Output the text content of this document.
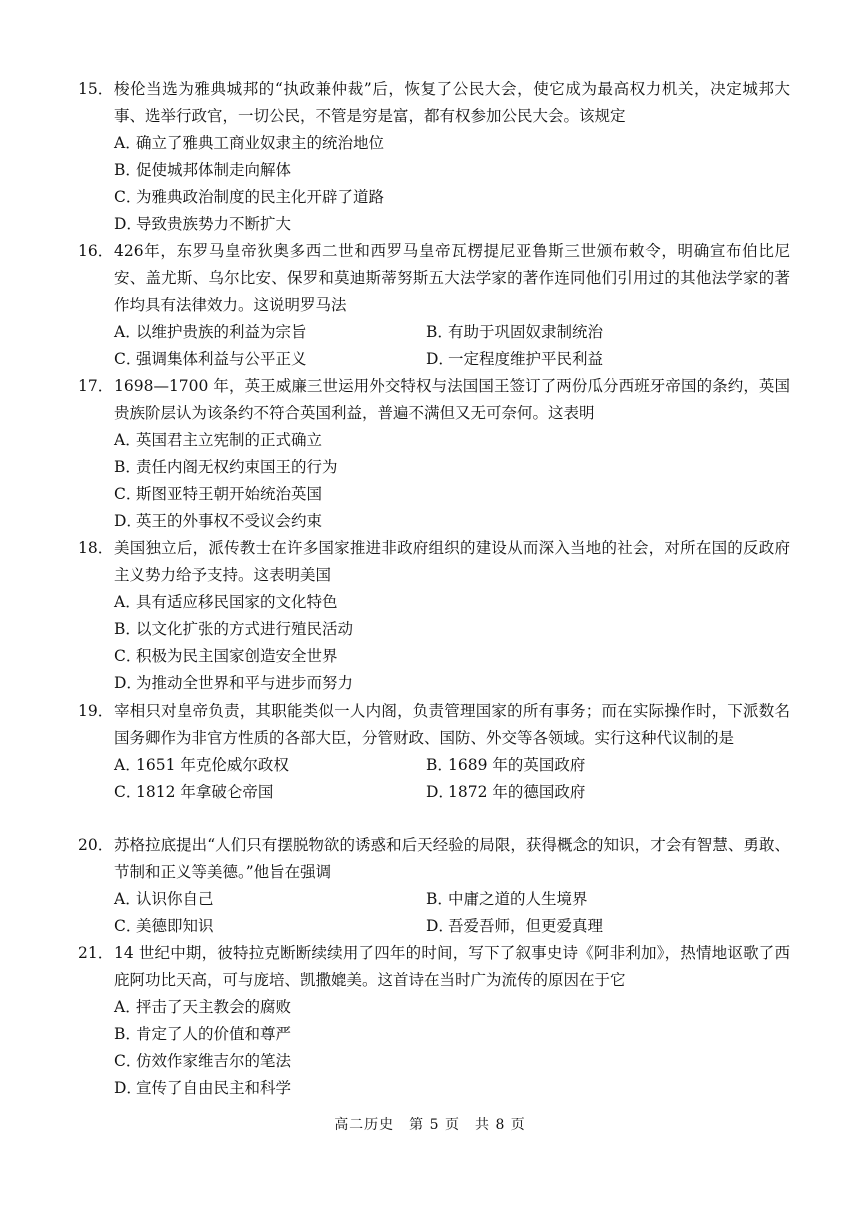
15． 梭伦当选为雅典城邦的“执政兼仲裁”后，恢复了公民大会，使它成为最高权力机关，决定城邦大事、选举行政官，一切公民，不管是穷是富，都有权参加公民大会。该规定
A．确立了雅典工商业奴隶主的统治地位
B．促使城邦体制走向解体
C．为雅典政治制度的民主化开辟了道路
D．导致贵族势力不断扩大
16． 426年，东罗马皇帝狄奥多西二世和西罗马皇帝瓦楞提尼亚鲁斯三世颁布敕令，明确宣布伯比尼安、盖尤斯、乌尔比安、保罗和莫迪斯蒂努斯五大法学家的著作连同他们引用过的其他法学家的著作均具有法律效力。这说明罗马法
A．以维护贵族的利益为宗旨	B．有助于巩固奴隶制统治
C．强调集体利益与公平正义	D．一定程度维护平民利益
17． 1698—1700 年，英王威廉三世运用外交特权与法国国王签订了两份瓜分西班牙帝国的条约，英国贵族阶层认为该条约不符合英国利益，普遍不满但又无可奈何。这表明
A．英国君主立宪制的正式确立
B．责任内阁无权约束国王的行为
C．斯图亚特王朝开始统治英国
D．英王的外事权不受议会约束
18． 美国独立后，派传教士在许多国家推进非政府组织的建设从而深入当地的社会，对所在国的反政府主义势力给予支持。这表明美国
A．具有适应移民国家的文化特色
B．以文化扩张的方式进行殖民活动
C．积极为民主国家创造安全世界
D．为推动全世界和平与进步而努力
19． 宰相只对皇帝负责，其职能类似一人内阁，负责管理国家的所有事务；而在实际操作时，下派数名国务卿作为非官方性质的各部大臣，分管财政、国防、外交等各领域。实行这种代议制的是
A．1651 年克伦威尔政权	B．1689 年的英国政府
C．1812 年拿破仑帝国	D．1872 年的德国政府
20． 苏格拉底提出“人们只有摆脱物欲的诱惑和后天经验的局限，获得概念的知识，才会有智慧、勇敢、节制和正义等美德。”他旨在强调
A．认识你自己	B．中庸之道的人生境界
C．美德即知识	D．吾爱吾师，但更爱真理
21． 14 世纪中期，彼特拉克断断续续用了四年的时间，写下了叙事史诗《阿非利加》，热情地讴歌了西庇阿功比天高，可与庞培、凯撒媲美。这首诗在当时广为流传的原因在于它
A．抨击了天主教会的腐败
B．肯定了人的价值和尊严
C．仿效作家维吉尔的笔法
D．宣传了自由民主和科学
高二历史　第 5 页　共 8 页
